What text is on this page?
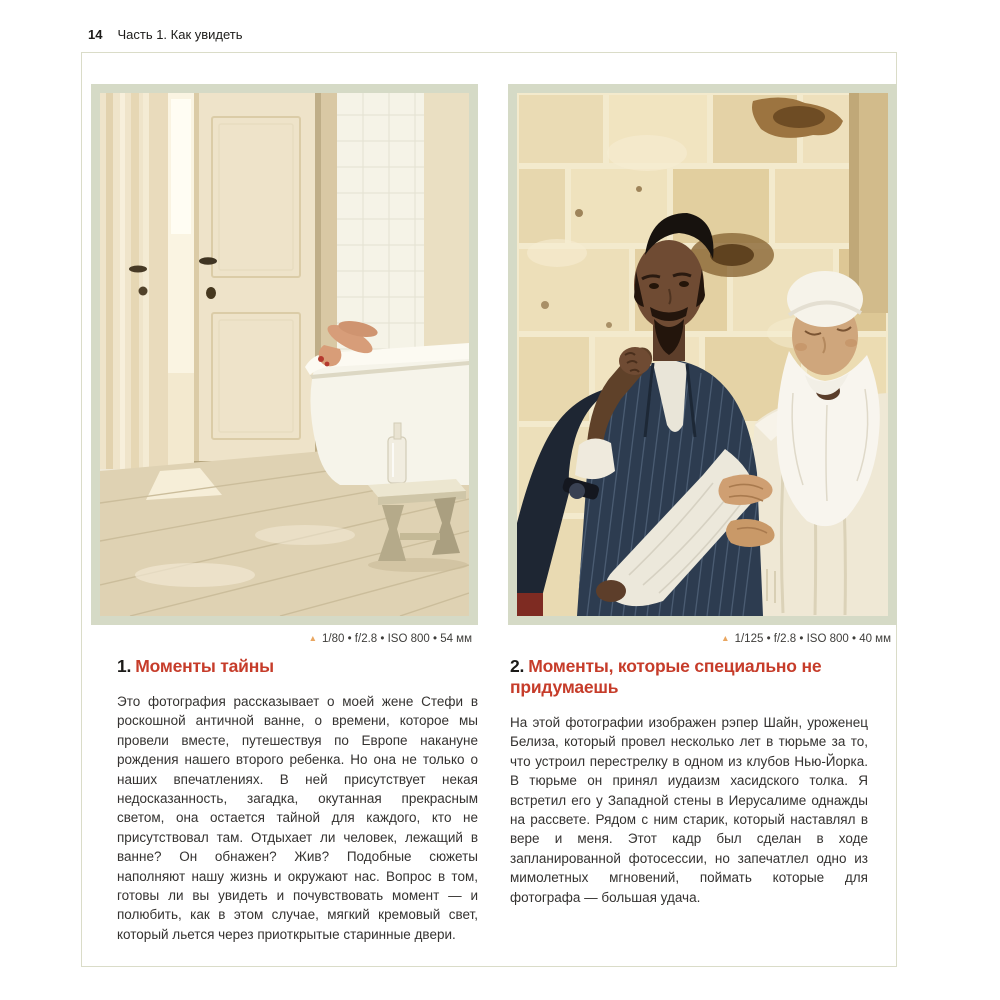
14 Часть 1. Как увидеть
▲ 1/80 • f/2.8 • ISO 800 • 54 мм	▲ 1/125 • f/2.8 • ISO 800 • 40 мм
1. Моменты тайны

Это фотография рассказывает о моей жене Стефи в роскошной античной ванне, о времени, которое мы провели вместе, путешествуя по Европе накануне рождения нашего второго ребенка. Но она не только о наших впечатлениях. В ней присутствует некая недосказанность, загадка, окутанная прекрасным светом, она остается тайной для каждого, кто не присутствовал там. Отдыхает ли человек, лежащий в ванне? Он обнажен? Жив? Подобные сюжеты наполняют нашу жизнь и окружают нас. Вопрос в том, готовы ли вы увидеть и почувствовать момент — и полюбить, как в этом случае, мягкий кремовый свет, который льется через приоткрытые старинные двери.

2. Моменты, которые специально не придумаешь

На этой фотографии изображен рэпер Шайн, уроженец Белиза, который провел несколько лет в тюрьме за то, что устроил перестрелку в одном из клубов Нью-Йорка. В тюрьме он принял иудаизм хасидского толка. Я встретил его у Западной стены в Иерусалиме однажды на рассвете. Рядом с ним старик, который наставлял в вере и меня. Этот кадр был сделан в ходе запланированной фотосессии, но запечатлел одно из мимолетных мгновений, поймать которые для фотографа — большая удача.
